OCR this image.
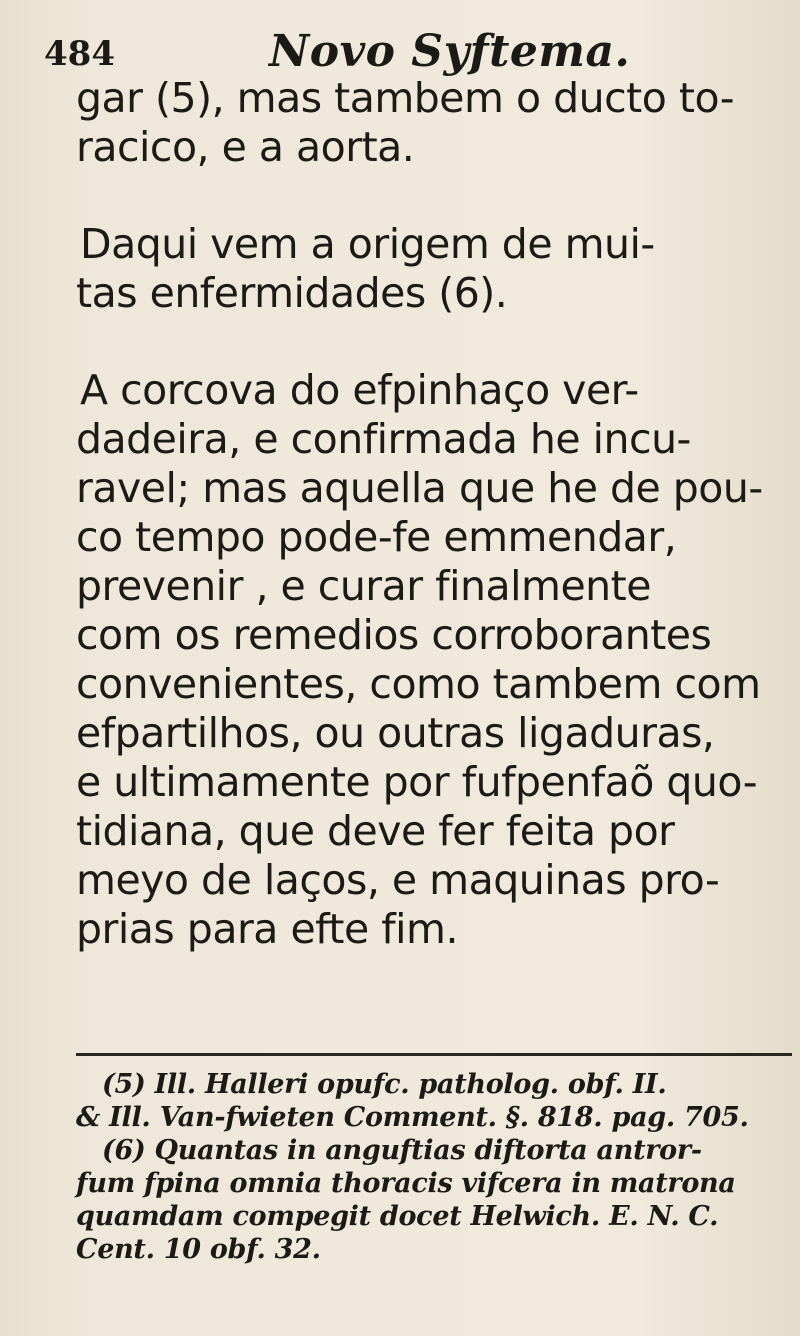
484	Novo Syftema.

gar (5), mas tambem o ducto to-
racico, e a aorta.

Daqui vem a origem de mui-
tas enfermidades (6).

A corcova do efpinhaço ver-
dadeira, e confirmada he incu-
ravel; mas aquella que he de pou-
co tempo pode-fe emmendar,
prevenir , e curar finalmente
com os remedios corroborantes
convenientes, como tambem com
efpartilhos, ou outras ligaduras,
e ultimamente por fufpenfaõ quo-
tidiana, que deve fer feita por
meyo de laços, e maquinas pro-
prias para efte fim.

(5) Ill. Halleri opufc. patholog. obf. II.
& Ill. Van-fwieten Comment. §. 818. pag. 705.
(6) Quantas in anguftias diftorta antror-
fum fpina omnia thoracis vifcera in matrona
quamdam compegit docet Helwich. E. N. C.
Cent. 10 obf. 32.
